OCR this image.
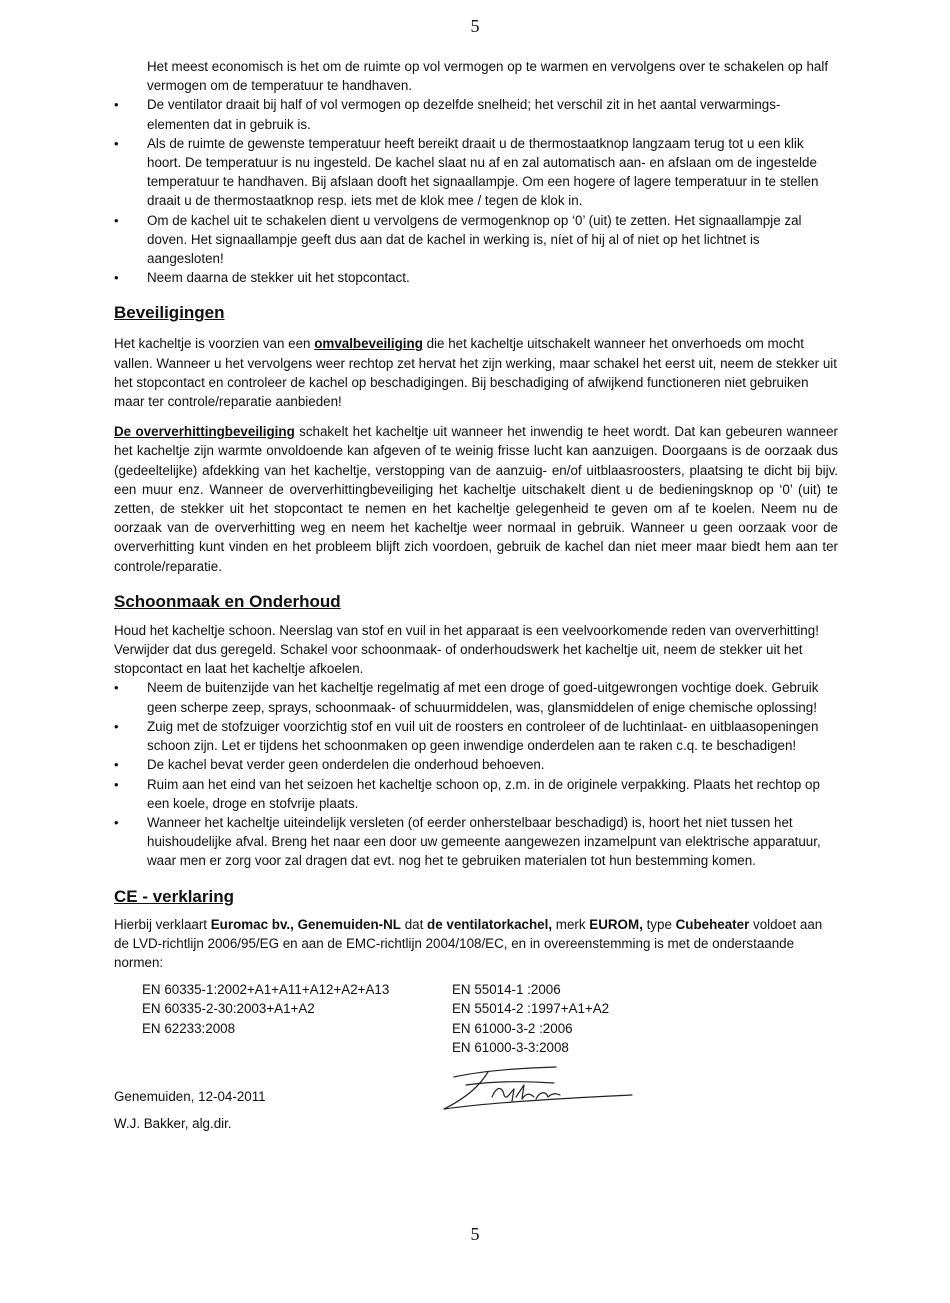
5

Het meest economisch is het om de ruimte op vol vermogen op te warmen en vervolgens over te schakelen op half vermogen om de temperatuur te handhaven.

• De ventilator draait bij half of vol vermogen op dezelfde snelheid; het verschil zit in het aantal verwarmings-elementen dat in gebruik is.
• Als de ruimte de gewenste temperatuur heeft bereikt draait u de thermostaatknop langzaam terug tot u een klik hoort. De temperatuur is nu ingesteld. De kachel slaat nu af en zal automatisch aan- en afslaan om de ingestelde temperatuur te handhaven. Bij afslaan dooft het signaallampje. Om een hogere of lagere temperatuur in te stellen draait u de thermostaatknop resp. iets met de klok mee / tegen de klok in.
• Om de kachel uit te schakelen dient u vervolgens de vermogenknop op ‘0’ (uit) te zetten. Het signaallampje zal doven. Het signaallampje geeft dus aan dat de kachel in werking is, níet of hij al of niet op het lichtnet is aangesloten!
• Neem daarna de stekker uit het stopcontact.
Beveiligingen

Het kacheltje is voorzien van een omvalbeveiliging die het kacheltje uitschakelt wanneer het onverhoeds om mocht vallen. Wanneer u het vervolgens weer rechtop zet hervat het zijn werking, maar schakel het eerst uit, neem de stekker uit het stopcontact en controleer de kachel op beschadigingen. Bij beschadiging of afwijkend functioneren niet gebruiken maar ter controle/reparatie aanbieden!

De oververhittingbeveiliging schakelt het kacheltje uit wanneer het inwendig te heet wordt. Dat kan gebeuren wanneer het kacheltje zijn warmte onvoldoende kan afgeven of te weinig frisse lucht kan aanzuigen. Doorgaans is de oorzaak dus (gedeeltelijke) afdekking van het kacheltje, verstopping van de aanzuig- en/of uitblaasroosters, plaatsing te dicht bij bijv. een muur enz. Wanneer de oververhittingbeveiliging het kacheltje uitschakelt dient u de bedieningsknop op ‘0’ (uit) te zetten, de stekker uit het stopcontact te nemen en het kacheltje gelegenheid te geven om af te koelen. Neem nu de oorzaak van de oververhitting weg en neem het kacheltje weer normaal in gebruik. Wanneer u geen oorzaak voor de oververhitting kunt vinden en het probleem blijft zich voordoen, gebruik de kachel dan niet meer maar biedt hem aan ter controle/reparatie.

Schoonmaak en Onderhoud

Houd het kacheltje schoon. Neerslag van stof en vuil in het apparaat is een veelvoorkomende reden van oververhitting! Verwijder dat dus geregeld. Schakel voor schoonmaak- of onderhoudswerk het kacheltje uit, neem de stekker uit het stopcontact en laat het kacheltje afkoelen.

• Neem de buitenzijde van het kacheltje regelmatig af met een droge of goed-uitgewrongen vochtige doek. Gebruik geen scherpe zeep, sprays, schoonmaak- of schuurmiddelen, was, glansmiddelen of enige chemische oplossing!
• Zuig met de stofzuiger voorzichtig stof en vuil uit de roosters en controleer of de luchtinlaat- en uitblaasopeningen schoon zijn. Let er tijdens het schoonmaken op geen inwendige onderdelen aan te raken c.q. te beschadigen!
• De kachel bevat verder geen onderdelen die onderhoud behoeven.
• Ruim aan het eind van het seizoen het kacheltje schoon op, z.m. in de originele verpakking. Plaats het rechtop op een koele, droge en stofvrije plaats.
• Wanneer het kacheltje uiteindelijk versleten (of eerder onherstelbaar beschadigd) is, hoort het niet tussen het huishoudelijke afval. Breng het naar een door uw gemeente aangewezen inzamelpunt van elektrische apparatuur, waar men er zorg voor zal dragen dat evt. nog het te gebruiken materialen tot hun bestemming komen.
CE - verklaring

Hierbij verklaart Euromac bv., Genemuiden-NL dat de ventilatorkachel, merk EUROM, type Cubeheater voldoet aan de LVD-richtlijn 2006/95/EG en aan de EMC-richtlijn 2004/108/EC, en in overeenstemming is met de onderstaande normen:

EN 60335-1:2002+A1+A11+A12+A2+A13
EN 60335-2-30:2003+A1+A2
EN 62233:2008
EN 55014-1 :2006
EN 55014-2 :1997+A1+A2
EN 61000-3-2 :2006
EN 61000-3-3:2008
Genemuiden, 12-04-2011
W.J. Bakker, alg.dir.
5
